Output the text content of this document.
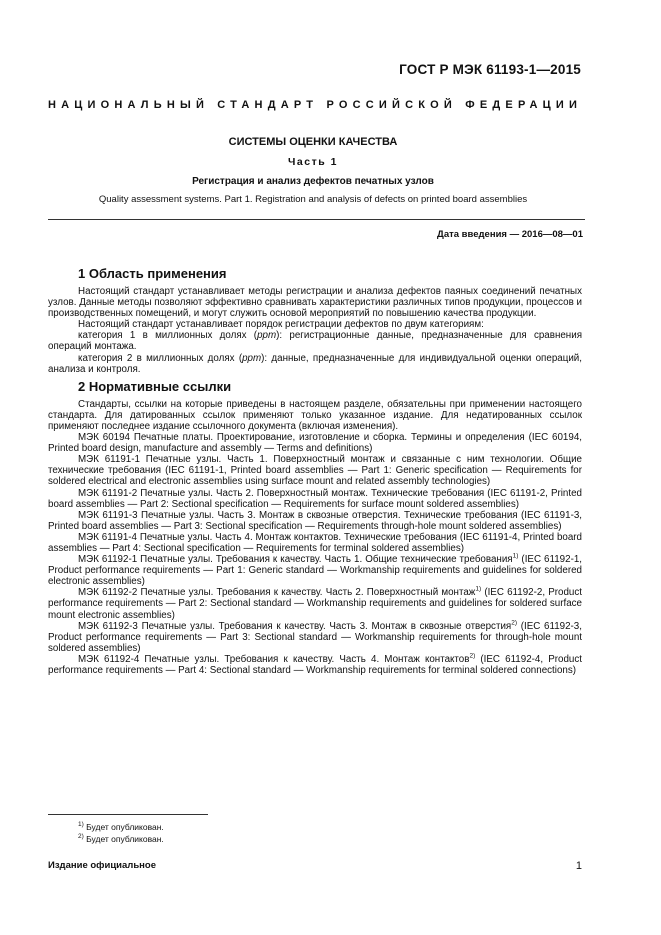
ГОСТ Р МЭК 61193-1—2015
НАЦИОНАЛЬНЫЙ СТАНДАРТ РОССИЙСКОЙ ФЕДЕРАЦИИ
СИСТЕМЫ ОЦЕНКИ КАЧЕСТВА
Часть 1
Регистрация и анализ дефектов печатных узлов
Quality assessment systems. Part 1. Registration and analysis of defects on printed board assemblies
Дата введения — 2016—08—01
1 Область применения

Настоящий стандарт устанавливает методы регистрации и анализа дефектов паяных соединений печатных узлов. Данные методы позволяют эффективно сравнивать характеристики различных типов продукции, процессов и производственных помещений, и могут служить основой мероприятий по повышению качества продукции.

Настоящий стандарт устанавливает порядок регистрации дефектов по двум категориям:

категория 1 в миллионных долях (ppm): регистрационные данные, предназначенные для сравнения операций монтажа.

категория 2 в миллионных долях (ppm): данные, предназначенные для индивидуальной оценки операций, анализа и контроля.

2 Нормативные ссылки

Стандарты, ссылки на которые приведены в настоящем разделе, обязательны при применении настоящего стандарта. Для датированных ссылок применяют только указанное издание. Для недатированных ссылок применяют последнее издание ссылочного документа (включая изменения).

МЭК 60194 Печатные платы. Проектирование, изготовление и сборка. Термины и определения (IEC 60194, Printed board design, manufacture and assembly — Terms and definitions)

МЭК 61191-1 Печатные узлы. Часть 1. Поверхностный монтаж и связанные с ним технологии. Общие технические требования (IEC 61191-1, Printed board assemblies — Part 1: Generic specification — Requirements for soldered electrical and electronic assemblies using surface mount and related assembly technologies)

МЭК 61191-2 Печатные узлы. Часть 2. Поверхностный монтаж. Технические требования (IEC 61191-2, Printed board assemblies — Part 2: Sectional specification — Requirements for surface mount soldered assemblies)

МЭК 61191-3 Печатные узлы. Часть 3. Монтаж в сквозные отверстия. Технические требования (IEC 61191-3, Printed board assemblies — Part 3: Sectional specification — Requirements through-hole mount soldered assemblies)

МЭК 61191-4 Печатные узлы. Часть 4. Монтаж контактов. Технические требования (IEC 61191-4, Printed board assemblies — Part 4: Sectional specification — Requirements for terminal soldered assemblies)

МЭК 61192-1 Печатные узлы. Требования к качеству. Часть 1. Общие технические требования$^{1)}$ (IEC 61192-1, Product performance requirements — Part 1: Generic standard — Workmanship requirements and guidelines for soldered electronic assemblies)

МЭК 61192-2 Печатные узлы. Требования к качеству. Часть 2. Поверхностный монтаж$^{1)}$ (IEC 61192-2, Product performance requirements — Part 2: Sectional standard — Workmanship requirements and guidelines for soldered surface mount electronic assemblies)

МЭК 61192-3 Печатные узлы. Требования к качеству. Часть 3. Монтаж в сквозные отверстия$^{2)}$ (IEC 61192-3, Product performance requirements — Part 3: Sectional standard — Workmanship requirements for through-hole mount soldered assemblies)

МЭК 61192-4 Печатные узлы. Требования к качеству. Часть 4. Монтаж контактов$^{2)}$ (IEC 61192-4, Product performance requirements — Part 4: Sectional standard — Workmanship requirements for terminal soldered connections)

$^{1)}$ Будет опубликован.
$^{2)}$ Будет опубликован.
Издание официальное	1
